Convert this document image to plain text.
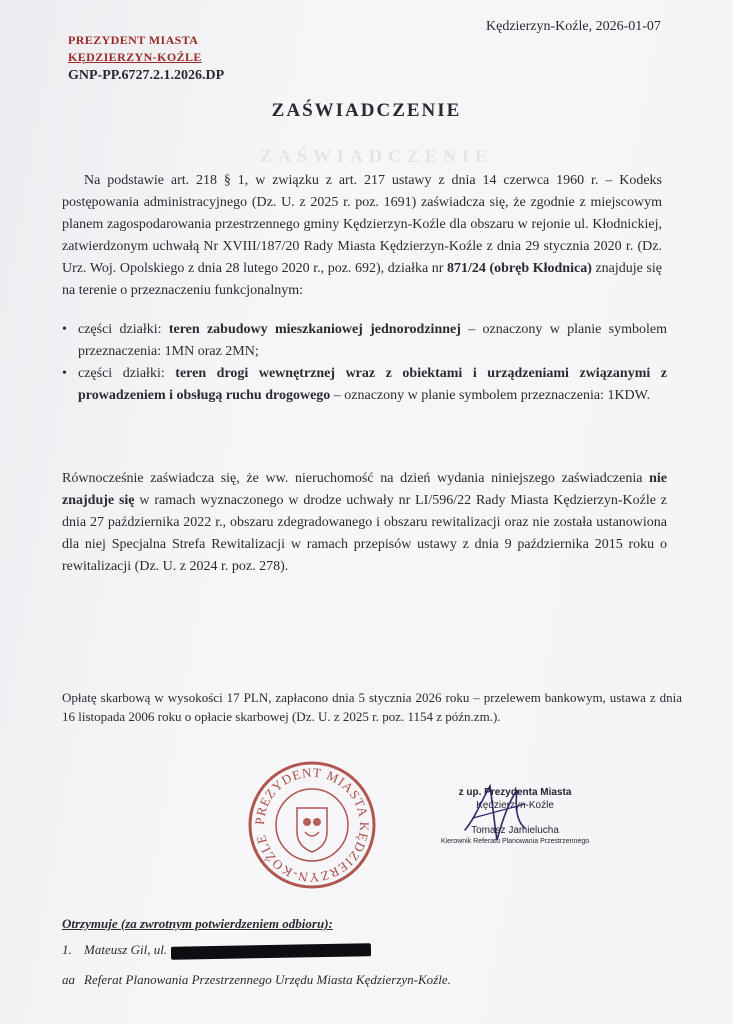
ZAŚWIADCZENIE
Kędzierzyn-Koźle, 2026-01-07
PREZYDENT MIASTA
KĘDZIERZYN-KOŹLE
GNP-PP.6727.2.1.2026.DP
ZAŚWIADCZENIE
Na podstawie art. 218 § 1, w związku z art. 217 ustawy z dnia 14 czerwca 1960 r. – Kodeks postępowania administracyjnego (Dz. U. z 2025 r. poz. 1691) zaświadcza się, że zgodnie z miejscowym planem zagospodarowania przestrzennego gminy Kędzierzyn-Koźle dla obszaru w rejonie ul. Kłodnickiej, zatwierdzonym uchwałą Nr XVIII/187/20 Rady Miasta Kędzierzyn-Koźle z dnia 29 stycznia 2020 r. (Dz. Urz. Woj. Opolskiego z dnia 28 lutego 2020 r., poz. 692), działka nr 871/24 (obręb Kłodnica) znajduje się na terenie o przeznaczeniu funkcjonalnym:
• części działki: teren zabudowy mieszkaniowej jednorodzinnej – oznaczony w planie symbolem przeznaczenia: 1MN oraz 2MN;
• części działki: teren drogi wewnętrznej wraz z obiektami i urządzeniami związanymi z prowadzeniem i obsługą ruchu drogowego – oznaczony w planie symbolem przeznaczenia: 1KDW.
Równocześnie zaświadcza się, że ww. nieruchomość na dzień wydania niniejszego zaświadczenia nie znajduje się w ramach wyznaczonego w drodze uchwały nr LI/596/22 Rady Miasta Kędzierzyn-Koźle z dnia 27 października 2022 r., obszaru zdegradowanego i obszaru rewitalizacji oraz nie została ustanowiona dla niej Specjalna Strefa Rewitalizacji w ramach przepisów ustawy z dnia 9 października 2015 roku o rewitalizacji (Dz. U. z 2024 r. poz. 278).
Opłatę skarbową w wysokości 17 PLN, zapłacono dnia 5 stycznia 2026 roku – przelewem bankowym, ustawa z dnia 16 listopada 2006 roku o opłacie skarbowej (Dz. U. z 2025 r. poz. 1154 z późn.zm.).
PREZYDENT MIASTA KĘDZIERZYN-KOŹLE
z up. Prezydenta Miasta
Kędzierzyn-Koźle
Tomasz Jamielucha
Kierownik Referatu Planowania Przestrzennego
Otrzymuje (za zwrotnym potwierdzeniem odbioru):
1. Mateusz Gil, ul.
aa Referat Planowania Przestrzennego Urzędu Miasta Kędzierzyn-Koźle.
